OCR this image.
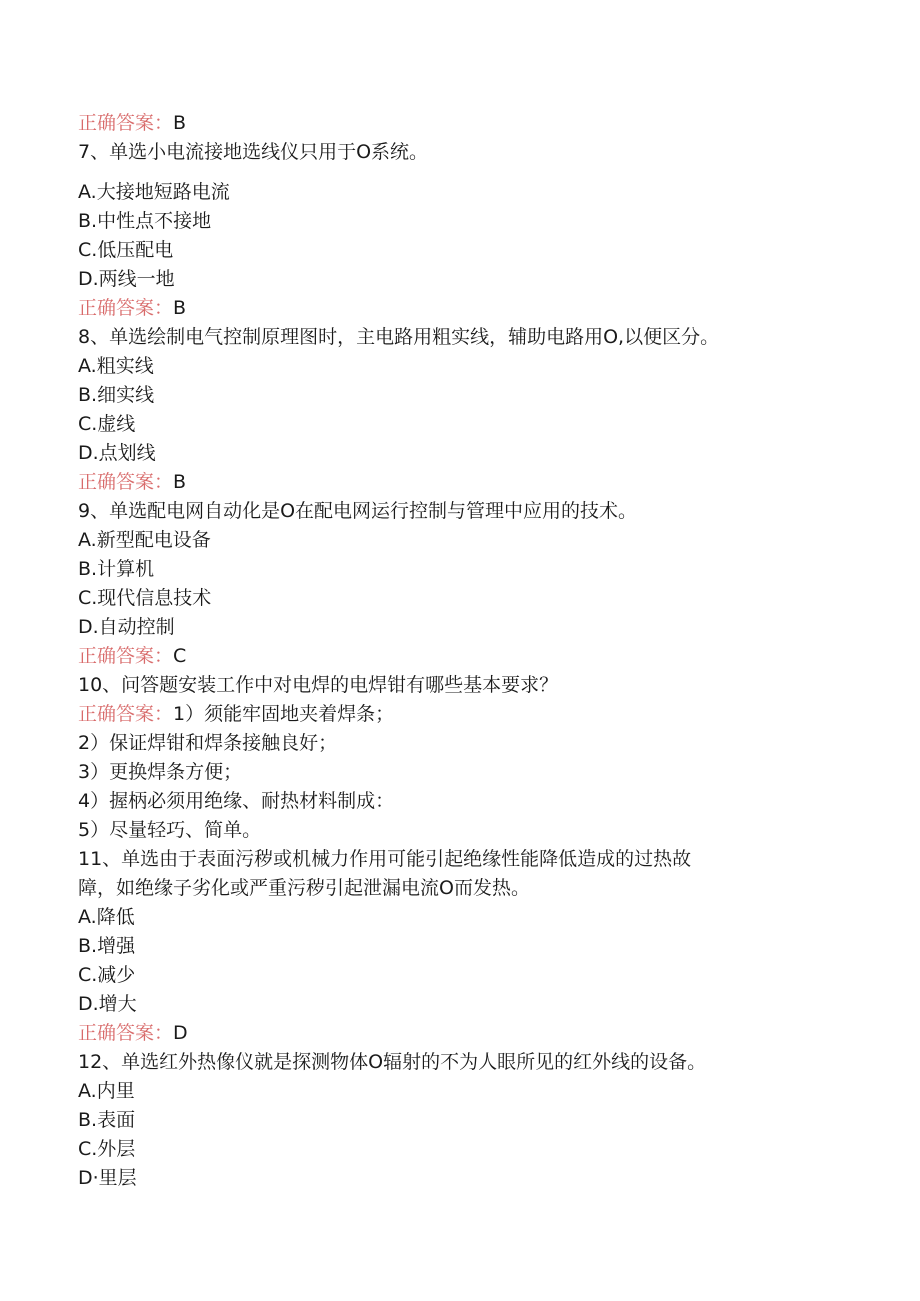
正确答案：B
7、单选小电流接地选线仪只用于O系统。
A.大接地短路电流
B.中性点不接地
C.低压配电
D.两线一地
正确答案：B
8、单选绘制电气控制原理图时，主电路用粗实线，辅助电路用O,以便区分。
A.粗实线
B.细实线
C.虚线
D.点划线
正确答案：B
9、单选配电网自动化是O在配电网运行控制与管理中应用的技术。
A.新型配电设备
B.计算机
C.现代信息技术
D.自动控制
正确答案：C
10、问答题安装工作中对电焊的电焊钳有哪些基本要求？
正确答案：1）须能牢固地夹着焊条；
2）保证焊钳和焊条接触良好；
3）更换焊条方便；
4）握柄必须用绝缘、耐热材料制成：
5）尽量轻巧、简单。
11、单选由于表面污秽或机械力作用可能引起绝缘性能降低造成的过热故
障，如绝缘子劣化或严重污秽引起泄漏电流O而发热。
A.降低
B.增强
C.减少
D.增大
正确答案：D
12、单选红外热像仪就是探测物体O辐射的不为人眼所见的红外线的设备。
A.内里
B.表面
C.外层
D·里层
